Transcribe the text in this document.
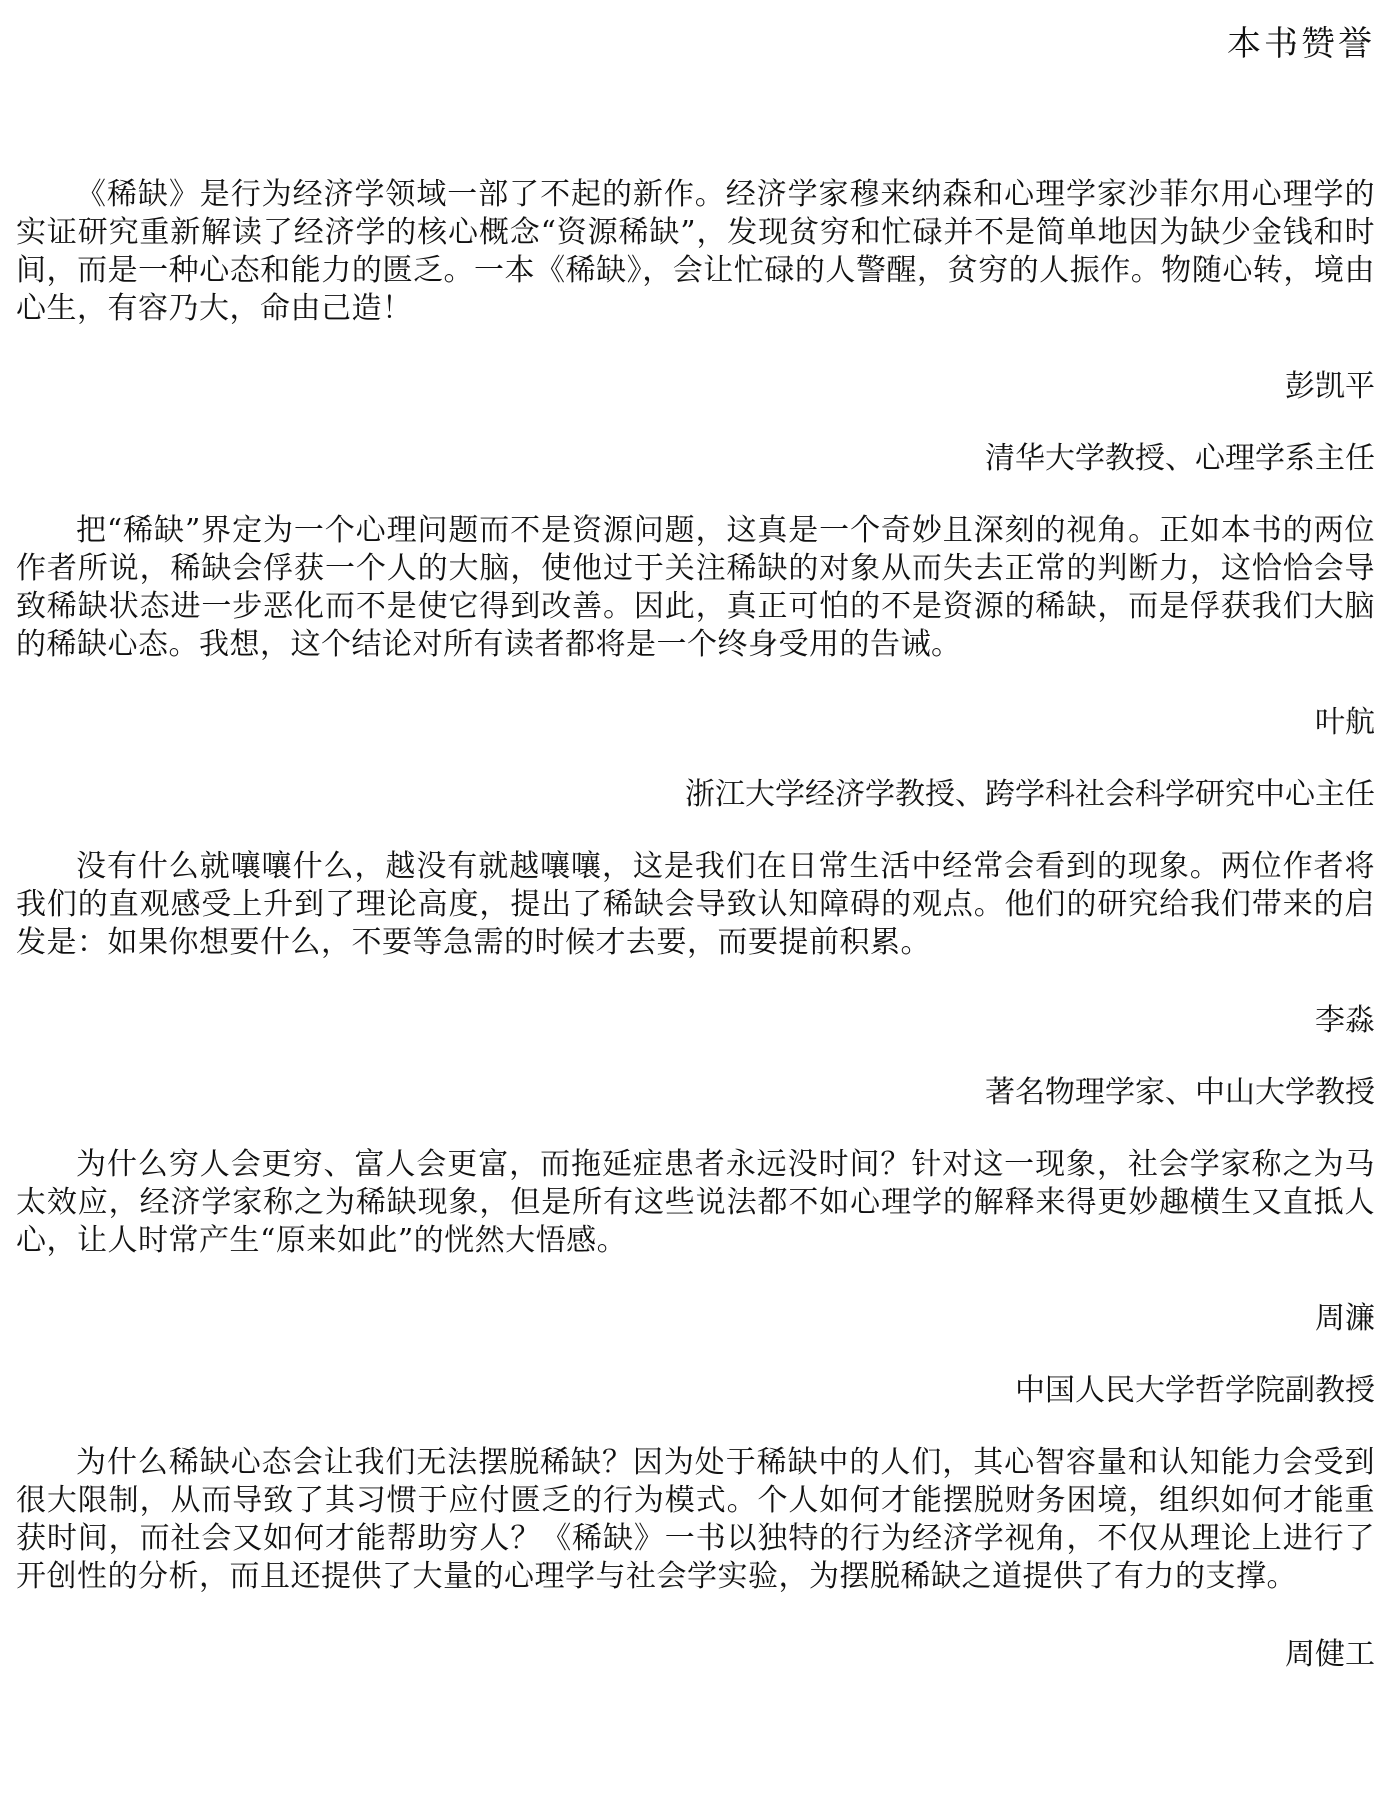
本书赞誉

《稀缺》是行为经济学领域一部了不起的新作。经济学家穆来纳森和心理学家沙菲尔用心理学的实证研究重新解读了经济学的核心概念“资源稀缺”，发现贫穷和忙碌并不是简单地因为缺少金钱和时间，而是一种心态和能力的匮乏。一本《稀缺》，会让忙碌的人警醒，贫穷的人振作。物随心转，境由心生，有容乃大，命由己造！

彭凯平

清华大学教授、心理学系主任

把“稀缺”界定为一个心理问题而不是资源问题，这真是一个奇妙且深刻的视角。正如本书的两位作者所说，稀缺会俘获一个人的大脑，使他过于关注稀缺的对象从而失去正常的判断力，这恰恰会导致稀缺状态进一步恶化而不是使它得到改善。因此，真正可怕的不是资源的稀缺，而是俘获我们大脑的稀缺心态。我想，这个结论对所有读者都将是一个终身受用的告诫。

叶航

浙江大学经济学教授、跨学科社会科学研究中心主任

没有什么就嚷嚷什么，越没有就越嚷嚷，这是我们在日常生活中经常会看到的现象。两位作者将我们的直观感受上升到了理论高度，提出了稀缺会导致认知障碍的观点。他们的研究给我们带来的启发是：如果你想要什么，不要等急需的时候才去要，而要提前积累。

李淼

著名物理学家、中山大学教授

为什么穷人会更穷、富人会更富，而拖延症患者永远没时间？针对这一现象，社会学家称之为马太效应，经济学家称之为稀缺现象，但是所有这些说法都不如心理学的解释来得更妙趣横生又直抵人心，让人时常产生“原来如此”的恍然大悟感。

周濂

中国人民大学哲学院副教授

为什么稀缺心态会让我们无法摆脱稀缺？因为处于稀缺中的人们，其心智容量和认知能力会受到很大限制，从而导致了其习惯于应付匮乏的行为模式。个人如何才能摆脱财务困境，组织如何才能重获时间，而社会又如何才能帮助穷人？《稀缺》一书以独特的行为经济学视角，不仅从理论上进行了开创性的分析，而且还提供了大量的心理学与社会学实验，为摆脱稀缺之道提供了有力的支撑。

周健工
